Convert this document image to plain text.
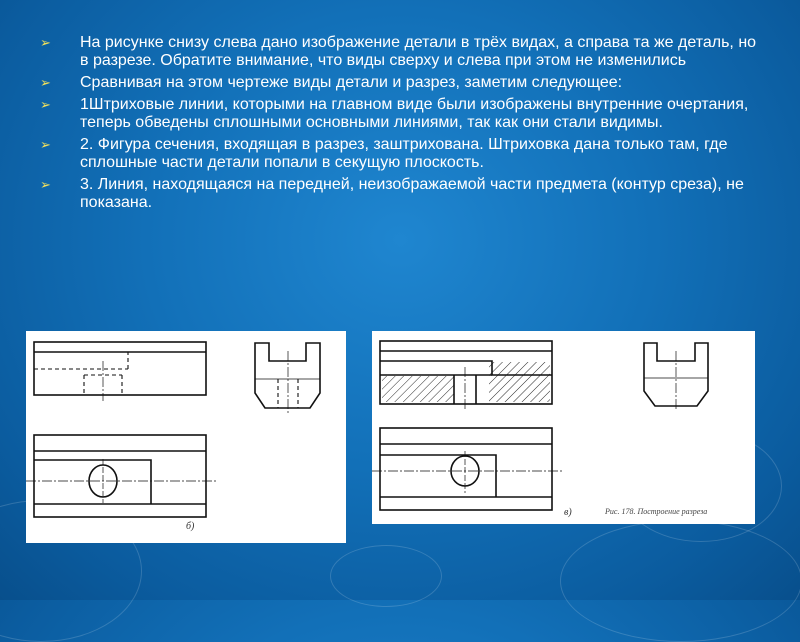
➢ На рисунке снизу слева дано изображение детали в трёх видах, а справа та же деталь, но в разрезе. Обратите внимание, что виды сверху и слева при этом не изменились
➢ Сравнивая на этом чертеже виды детали и разрез, заметим следующее:
➢ 1Штриховые линии, которыми на главном виде были изображены внутренние очертания, теперь обведены сплошными основными линиями, так как они стали видимы.
➢ 2. Фигура сечения, входящая в разрез, заштрихована. Штриховка дана только там, где сплошные части детали попали в секущую плоскость.
➢ 3. Линия, находящаяся на передней, неизображаемой части предмета (контур среза), не показана.
б)
в)	Рис. 178. Построение разреза
